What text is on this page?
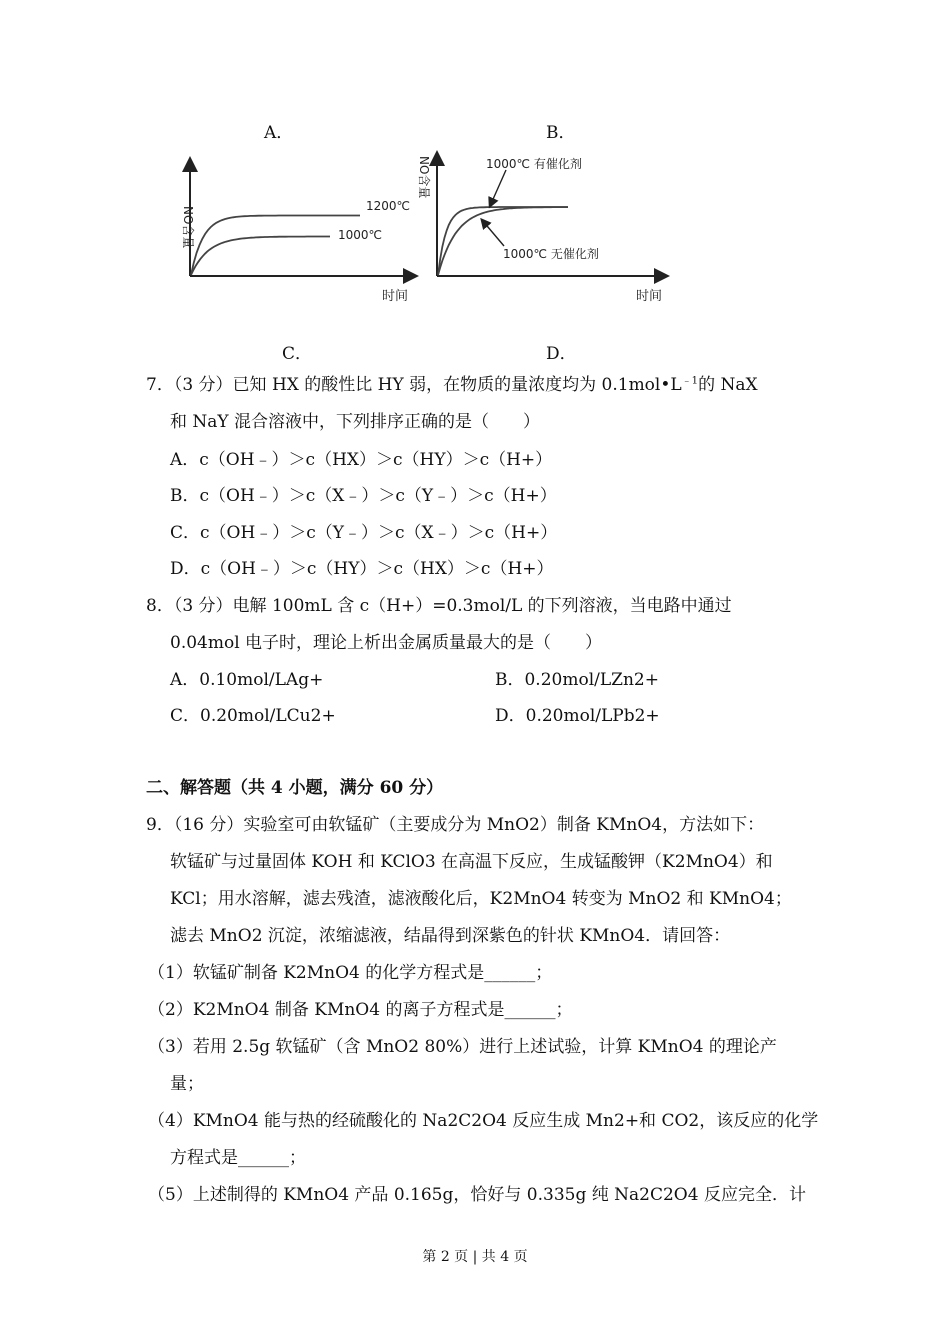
A．	B．
NO含量
时间
1200℃
1000℃
NO含量
时间
1000℃ 有催化剂
1000℃ 无催化剂
C．	D．
7．（3 分）已知 HX 的酸性比 HY 弱，在物质的量浓度均为 $0.1mol•L^{﹣1}$的 NaX
和 NaY 混合溶液中，下列排序正确的是（　　）
A．c（OH﹣）＞c（HX）＞c（HY）＞c（H+）
B．c（OH﹣）＞c（X﹣）＞c（Y﹣）＞c（H+）
C．c（OH﹣）＞c（Y﹣）＞c（X﹣）＞c（H+）
D．c（OH﹣）＞c（HY）＞c（HX）＞c（H+）
8．（3 分）电解 100mL 含 c（H+）=0.3mol/L 的下列溶液，当电路中通过
0.04mol 电子时，理论上析出金属质量最大的是（　　）
A．0.10mol/LAg+	B．0.20mol/LZn2+
C．0.20mol/LCu2+	D．0.20mol/LPb2+
二、解答题（共 4 小题，满分 60 分）
9．（16 分）实验室可由软锰矿（主要成分为 MnO2）制备 KMnO4，方法如下：
软锰矿与过量固体 KOH 和 KClO3 在高温下反应，生成锰酸钾（K2MnO4）和
KCl；用水溶解，滤去残渣，滤液酸化后，K2MnO4 转变为 MnO2 和 KMnO4；
滤去 MnO2 沉淀，浓缩滤液，结晶得到深紫色的针状 KMnO4．请回答：
（1）软锰矿制备 K2MnO4 的化学方程式是______；
（2）K2MnO4 制备 KMnO4 的离子方程式是______；
（3）若用 2.5g 软锰矿（含 MnO2 80%）进行上述试验，计算 KMnO4 的理论产
量；
（4）KMnO4 能与热的经硫酸化的 Na2C2O4 反应生成 Mn2+和 CO2，该反应的化学
方程式是______；
（5）上述制得的 KMnO4 产品 0.165g，恰好与 0.335g 纯 Na2C2O4 反应完全．计
第 2 页 | 共 4 页
